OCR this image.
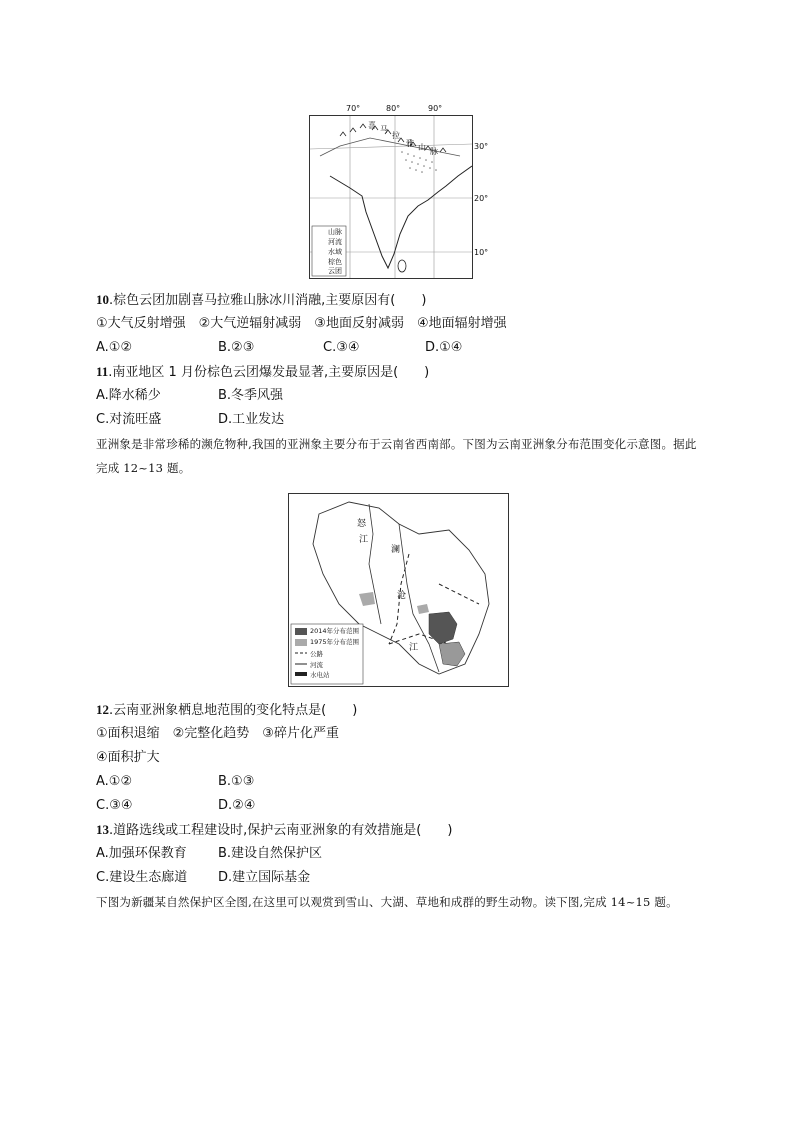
70°	80°	90°
30°
20°
10°
喜 马
拉
雅 山 脉
山脉
河流
水域
棕色
云团
10.棕色云团加剧喜马拉雅山脉冰川消融,主要原因有(　　)
①大气反射增强　②大气逆辐射减弱　③地面反射减弱　④地面辐射增强
A.①②	B.②③	C.③④	D.①④
11.南亚地区 1 月份棕色云团爆发最显著,主要原因是(　　)
A.降水稀少	B.冬季风强
C.对流旺盛	D.工业发达
亚洲象是非常珍稀的濒危物种,我国的亚洲象主要分布于云南省西南部。下图为云南亚洲象分布范围变化示意图。据此完成 12~13 题。
怒
江
澜
沧
江
2014年分布范围
1975年分布范围
公路
河流
水电站
12.云南亚洲象栖息地范围的变化特点是(　　)
①面积退缩　②完整化趋势　③碎片化严重
④面积扩大
A.①②	B.①③
C.③④	D.②④
13.道路选线或工程建设时,保护云南亚洲象的有效措施是(　　)
A.加强环保教育 B.建设自然保护区
C.建设生态廊道 D.建立国际基金
下图为新疆某自然保护区全图,在这里可以观赏到雪山、大湖、草地和成群的野生动物。读下图,完成 14~15 题。
